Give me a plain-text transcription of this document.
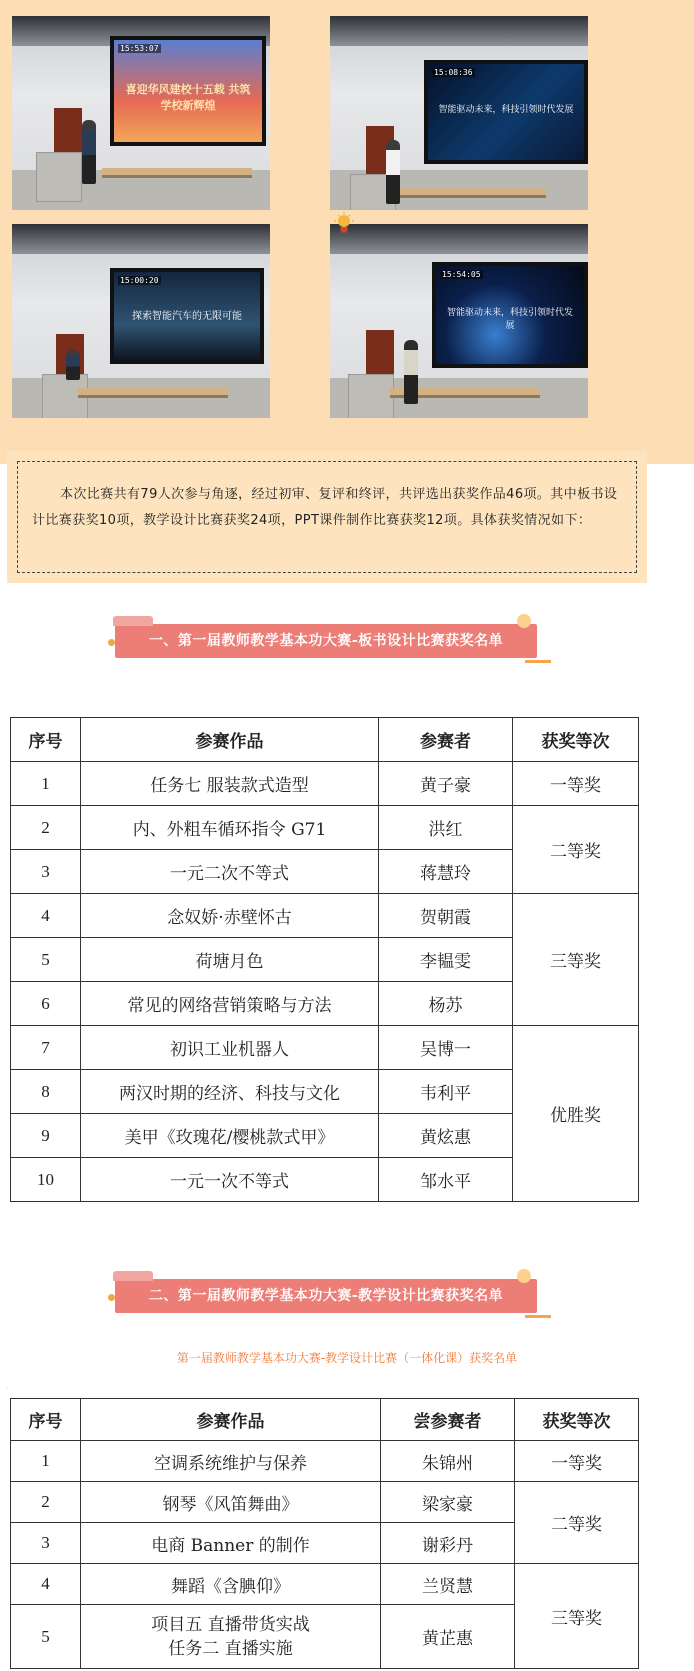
15:53:07
喜迎华风建校十五载 共筑学校新辉煌
15:08:36
智能驱动未来，科技引领时代发展
15:00:20
探索智能汽车的无限可能
15:54:05
智能驱动未来，科技引领时代发展

本次比赛共有79人次参与角逐，经过初审、复评和终评，共评选出获奖作品46项。其中板书设计比赛获奖10项，教学设计比赛获奖24项，PPT课件制作比赛获奖12项。具体获奖情况如下：

一、第一届教师教学基本功大赛-板书设计比赛获奖名单
序号	参赛作品	参赛者	获奖等次
1	任务七 服装款式造型	黄子豪	一等奖
2	内、外粗车循环指令 G71	洪红	二等奖
3	一元二次不等式	蒋慧玲	
4	念奴娇·赤壁怀古	贺朝霞	三等奖
5	荷塘月色	李韫雯	
6	常见的网络营销策略与方法	杨苏	
7	初识工业机器人	吴博一	优胜奖
8	两汉时期的经济、科技与文化	韦利平	
9	美甲《玫瑰花/樱桃款式甲》	黄炫惠	
10	一元一次不等式	邹水平	
二、第一届教师教学基本功大赛-教学设计比赛获奖名单
第一届教师教学基本功大赛-教学设计比赛（一体化课）获奖名单
.
序号	参赛作品	尝参赛者	获奖等次
1	空调系统维护与保养	朱锦州	一等奖
2	钢琴《风笛舞曲》	梁家豪	二等奖
3	电商 Banner 的制作	谢彩丹	
4	舞蹈《含腆仰》	兰贤慧	三等奖
5	项目五 直播带货实战
任务二 直播实施	黄芷惠	
